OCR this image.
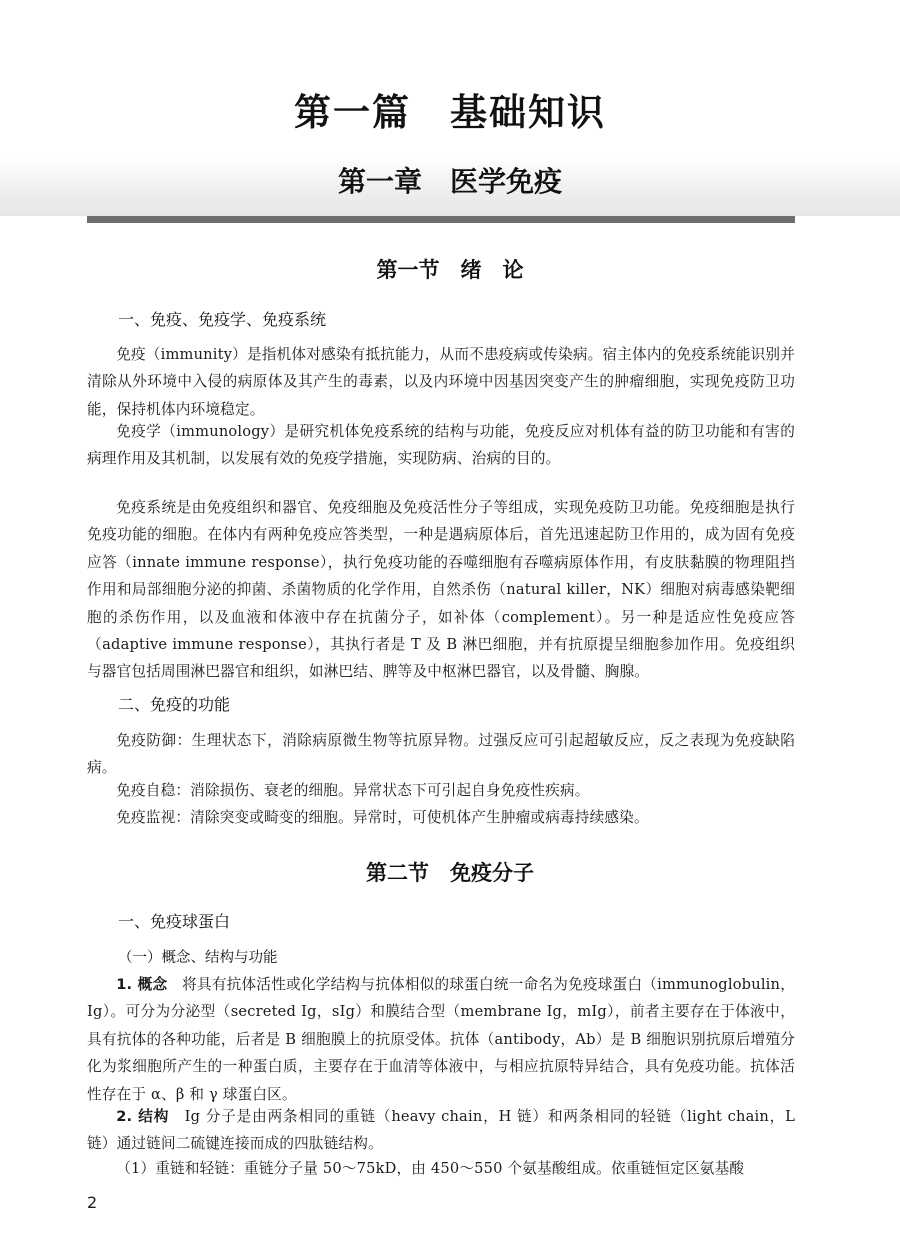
第一篇　基础知识
第一章　医学免疫
第一节　绪　论
一、免疫、免疫学、免疫系统

免疫（immunity）是指机体对感染有抵抗能力，从而不患疫病或传染病。宿主体内的免疫系统能识别并清除从外环境中入侵的病原体及其产生的毒素，以及内环境中因基因突变产生的肿瘤细胞，实现免疫防卫功能，保持机体内环境稳定。

免疫学（immunology）是研究机体免疫系统的结构与功能，免疫反应对机体有益的防卫功能和有害的病理作用及其机制，以发展有效的免疫学措施，实现防病、治病的目的。

免疫系统是由免疫组织和器官、免疫细胞及免疫活性分子等组成，实现免疫防卫功能。免疫细胞是执行免疫功能的细胞。在体内有两种免疫应答类型，一种是遇病原体后，首先迅速起防卫作用的，成为固有免疫应答（innate immune response），执行免疫功能的吞噬细胞有吞噬病原体作用，有皮肤黏膜的物理阻挡作用和局部细胞分泌的抑菌、杀菌物质的化学作用，自然杀伤（natural killer，NK）细胞对病毒感染靶细胞的杀伤作用，以及血液和体液中存在抗菌分子，如补体（complement）。另一种是适应性免疫应答（adaptive immune response），其执行者是 T 及 B 淋巴细胞，并有抗原提呈细胞参加作用。免疫组织与器官包括周围淋巴器官和组织，如淋巴结、脾等及中枢淋巴器官，以及骨髓、胸腺。

二、免疫的功能

免疫防御：生理状态下，消除病原微生物等抗原异物。过强反应可引起超敏反应，反之表现为免疫缺陷病。

免疫自稳：消除损伤、衰老的细胞。异常状态下可引起自身免疫性疾病。

免疫监视：清除突变或畸变的细胞。异常时，可使机体产生肿瘤或病毒持续感染。

第二节　免疫分子
一、免疫球蛋白
（一）概念、结构与功能

1. 概念　 将具有抗体活性或化学结构与抗体相似的球蛋白统一命名为免疫球蛋白（immunoglobulin，Ig）。可分为分泌型（secreted Ig，sIg）和膜结合型（membrane Ig，mIg），前者主要存在于体液中，具有抗体的各种功能，后者是 B 细胞膜上的抗原受体。抗体（antibody，Ab）是 B 细胞识别抗原后增殖分化为浆细胞所产生的一种蛋白质，主要存在于血清等体液中，与相应抗原特异结合，具有免疫功能。抗体活性存在于 α、β 和 γ 球蛋白区。

2. 结构　 Ig 分子是由两条相同的重链（heavy chain，H 链）和两条相同的轻链（light chain，L 链）通过链间二硫键连接而成的四肽链结构。

（1）重链和轻链：重链分子量 50～75kD，由 450～550 个氨基酸组成。依重链恒定区氨基酸

2
